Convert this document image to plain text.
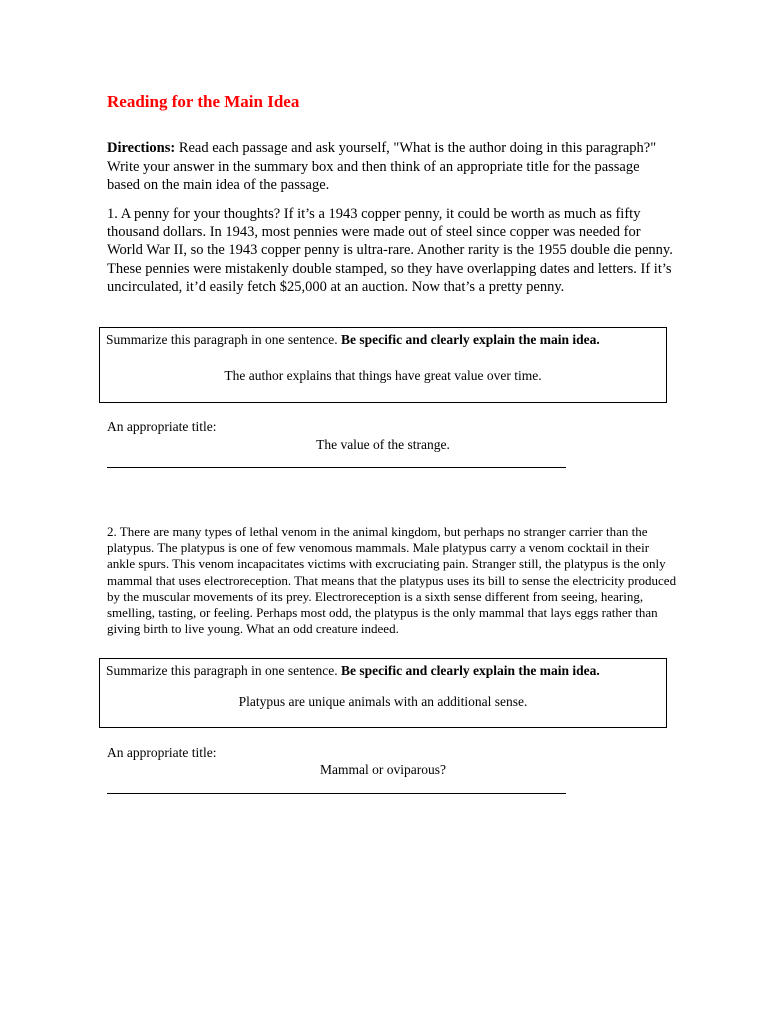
Reading for the Main Idea
Directions: Read each passage and ask yourself, "What is the author doing in this paragraph?" Write your answer in the summary box and then think of an appropriate title for the passage based on the main idea of the passage.
1. A penny for your thoughts? If it’s a 1943 copper penny, it could be worth as much as fifty thousand dollars. In 1943, most pennies were made out of steel since copper was needed for World War II, so the 1943 copper penny is ultra-rare. Another rarity is the 1955 double die penny. These pennies were mistakenly double stamped, so they have overlapping dates and letters. If it’s uncirculated, it’d easily fetch $25,000 at an auction. Now that’s a pretty penny.
Summarize this paragraph in one sentence. Be specific and clearly explain the main idea.
The author explains that things have great value over time.
An appropriate title:
The value of the strange.
2. There are many types of lethal venom in the animal kingdom, but perhaps no stranger carrier than the platypus. The platypus is one of few venomous mammals. Male platypus carry a venom cocktail in their ankle spurs. This venom incapacitates victims with excruciating pain. Stranger still, the platypus is the only mammal that uses electroreception. That means that the platypus uses its bill to sense the electricity produced by the muscular movements of its prey. Electroreception is a sixth sense different from seeing, hearing, smelling, tasting, or feeling. Perhaps most odd, the platypus is the only mammal that lays eggs rather than giving birth to live young. What an odd creature indeed.
Summarize this paragraph in one sentence. Be specific and clearly explain the main idea.
Platypus are unique animals with an additional sense.
An appropriate title:
Mammal or oviparous?
